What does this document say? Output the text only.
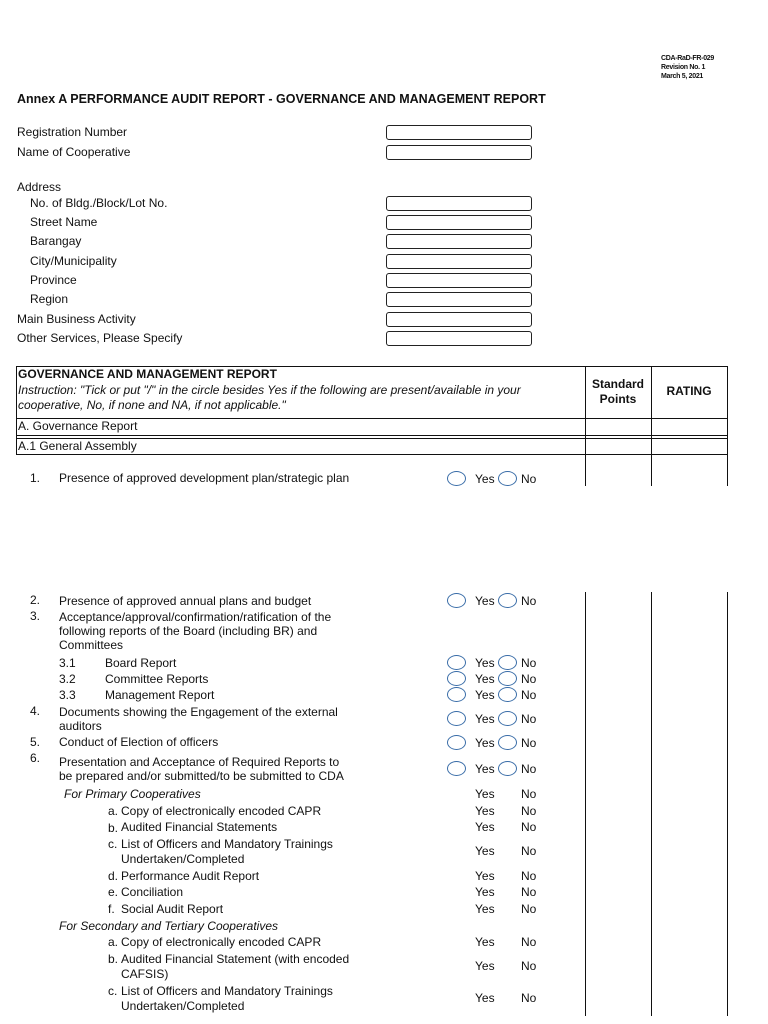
CDA-RaD-FR-029
Revision No. 1
March 5, 2021
Annex A PERFORMANCE AUDIT REPORT - GOVERNANCE AND MANAGEMENT REPORT
Registration Number
Name of Cooperative
Address
No. of Bldg./Block/Lot No.
Street Name
Barangay
City/Municipality
Province
Region
Main Business Activity
Other Services, Please Specify
GOVERNANCE AND MANAGEMENT REPORT
Instruction: "Tick or put "/" in the circle besides Yes if the following are present/available in your
cooperative, No, if none and NA, if not applicable."
Standard
Points
RATING
A. Governance Report
A.1 General Assembly
1. Presence of approved development plan/strategic plan	Yes No
2. Presence of approved annual plans and budget	Yes No
3. Acceptance/approval/confirmation/ratification of the
following reports of the Board (including BR) and
Committees
3.1 Board Report	Yes No
3.2 Committee Reports	Yes No
3.3 Management Report	Yes No
4. Documents showing the Engagement of the external
auditors	Yes No
5. Conduct of Election of officers	Yes No
6. Presentation and Acceptance of Required Reports to
be prepared and/or submitted/to be submitted to CDA	Yes No
For Primary Cooperatives	Yes No
a. Copy of electronically encoded CAPR	Yes No
b. Audited Financial Statements	Yes No
c. List of Officers and Mandatory Trainings
Undertaken/Completed
Yes No
d. Performance Audit Report	Yes No
e. Conciliation	Yes No
f. Social Audit Report	Yes No
For Secondary and Tertiary Cooperatives
a. Copy of electronically encoded CAPR	Yes No
b. Audited Financial Statement (with encoded
CAFSIS)
Yes No
c. List of Officers and Mandatory Trainings
Undertaken/Completed
Yes No
